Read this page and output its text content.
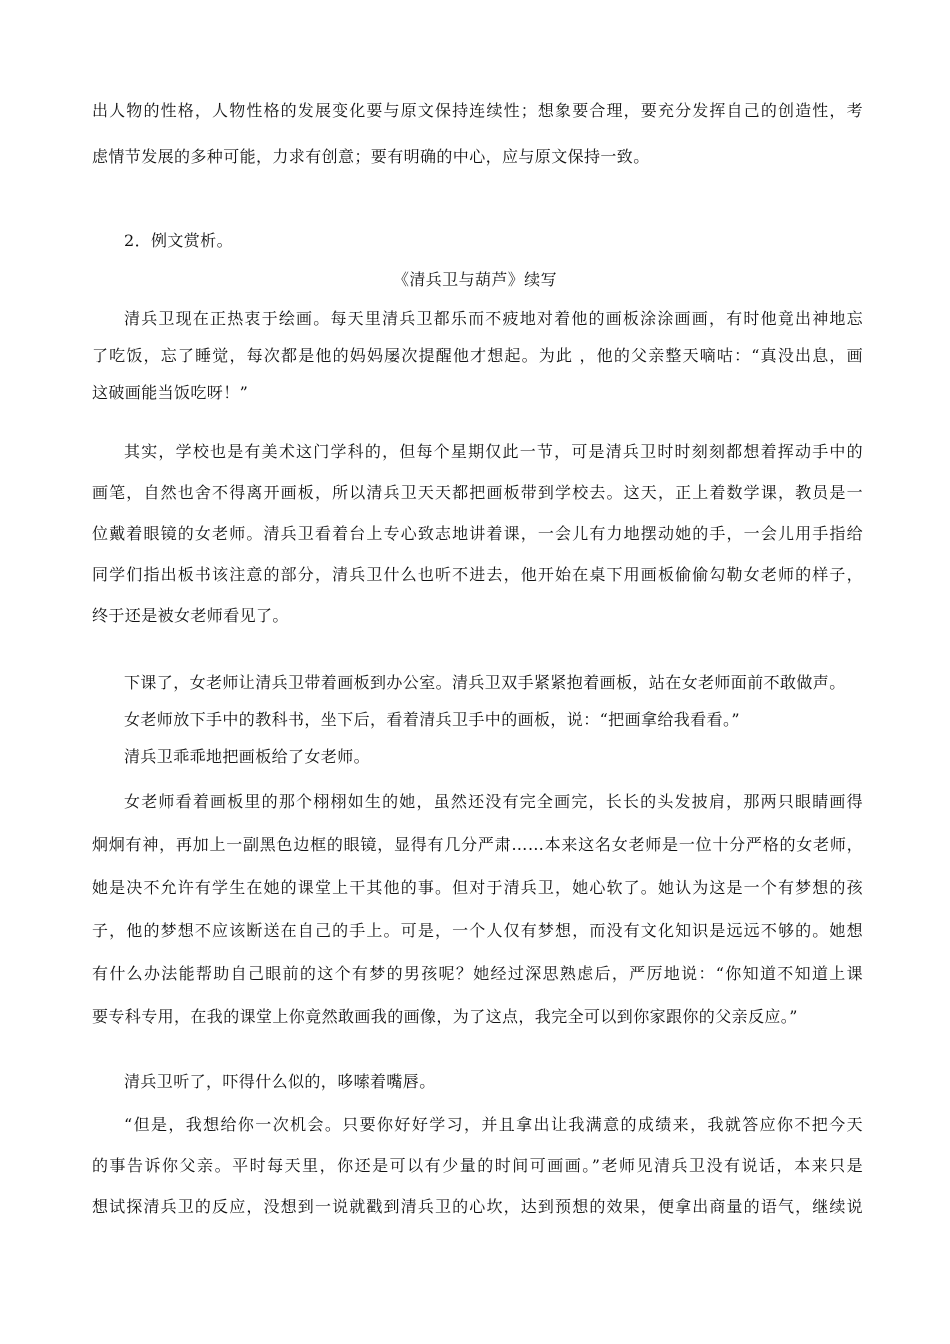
出人物的性格，人物性格的发展变化要与原文保持连续性；想象要合理，要充分发挥自己的创造性，考
虑情节发展的多种可能，力求有创意；要有明确的中心，应与原文保持一致。
2．例文赏析。
《清兵卫与葫芦》续写
清兵卫现在正热衷于绘画。每天里清兵卫都乐而不疲地对着他的画板涂涂画画，有时他竟出神地忘
了吃饭，忘了睡觉，每次都是他的妈妈屡次提醒他才想起。为此 ，他的父亲整天嘀咕：“真没出息，画
这破画能当饭吃呀！”
其实，学校也是有美术这门学科的，但每个星期仅此一节，可是清兵卫时时刻刻都想着挥动手中的
画笔，自然也舍不得离开画板，所以清兵卫天天都把画板带到学校去。这天，正上着数学课，教员是一
位戴着眼镜的女老师。清兵卫看着台上专心致志地讲着课，一会儿有力地摆动她的手，一会儿用手指给
同学们指出板书该注意的部分，清兵卫什么也听不进去，他开始在桌下用画板偷偷勾勒女老师的样子，
终于还是被女老师看见了。
下课了，女老师让清兵卫带着画板到办公室。清兵卫双手紧紧抱着画板，站在女老师面前不敢做声。
女老师放下手中的教科书，坐下后，看着清兵卫手中的画板，说：“把画拿给我看看。”
清兵卫乖乖地把画板给了女老师。
女老师看着画板里的那个栩栩如生的她，虽然还没有完全画完，长长的头发披肩，那两只眼睛画得
炯炯有神，再加上一副黑色边框的眼镜，显得有几分严肃……本来这名女老师是一位十分严格的女老师，
她是决不允许有学生在她的课堂上干其他的事。但对于清兵卫，她心软了。她认为这是一个有梦想的孩
子，他的梦想不应该断送在自己的手上。可是，一个人仅有梦想，而没有文化知识是远远不够的。她想
有什么办法能帮助自己眼前的这个有梦的男孩呢？她经过深思熟虑后，严厉地说：“你知道不知道上课
要专科专用，在我的课堂上你竟然敢画我的画像，为了这点，我完全可以到你家跟你的父亲反应。”
清兵卫听了，吓得什么似的，哆嗦着嘴唇。
“但是，我想给你一次机会。只要你好好学习，并且拿出让我满意的成绩来，我就答应你不把今天
的事告诉你父亲。平时每天里，你还是可以有少量的时间可画画。”老师见清兵卫没有说话，本来只是
想试探清兵卫的反应，没想到一说就戳到清兵卫的心坎，达到预想的效果，便拿出商量的语气，继续说
